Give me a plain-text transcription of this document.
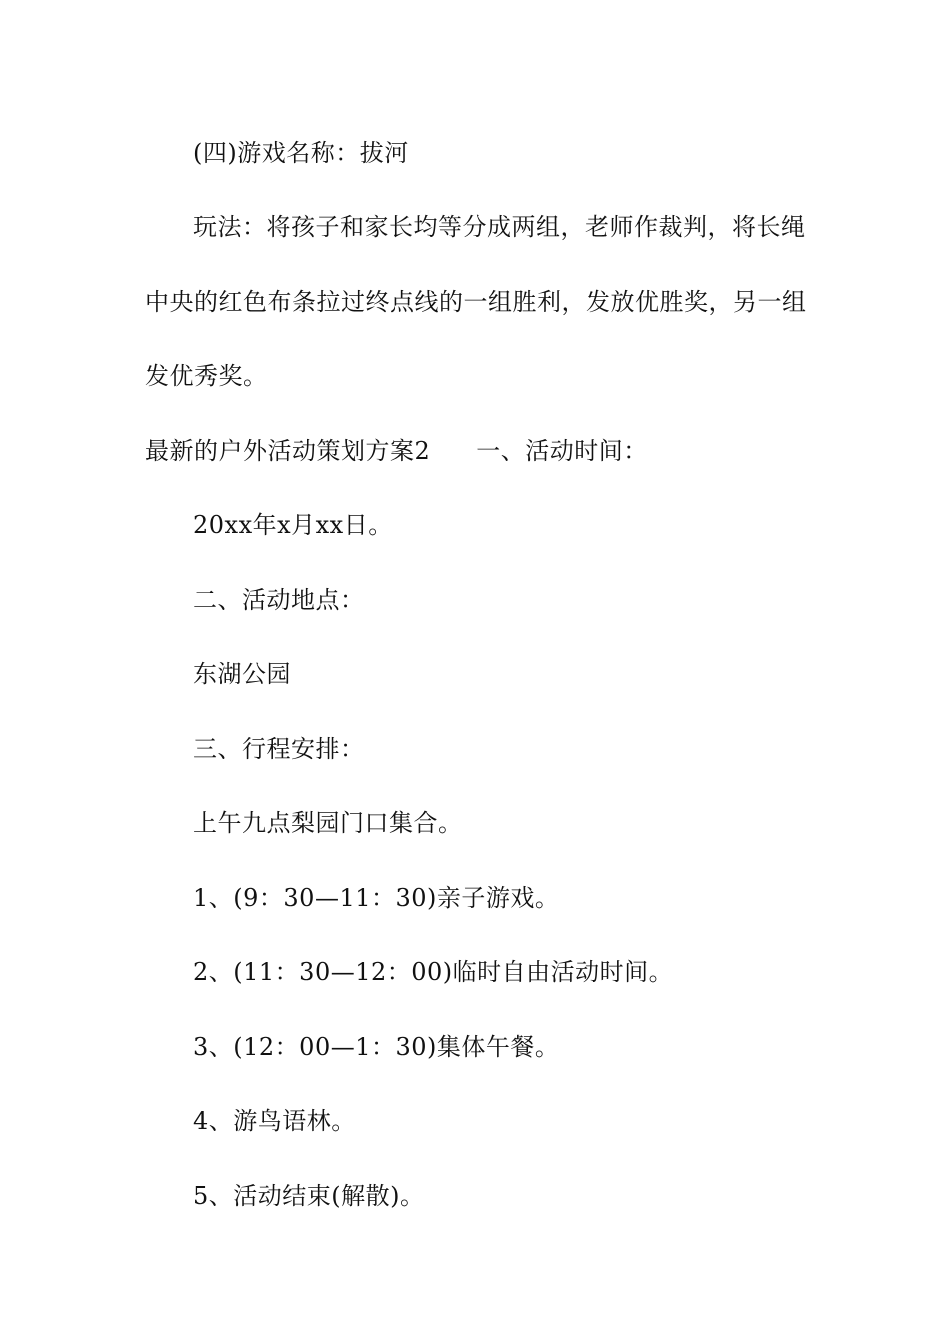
(四)游戏名称：拔河
玩法：将孩子和家长均等分成两组，老师作裁判，将长绳
中央的红色布条拉过终点线的一组胜利，发放优胜奖，另一组
发优秀奖。
最新的户外活动策划方案2 一、活动时间：
20xx年x月xx日。
二、活动地点：
东湖公园
三、行程安排：
上午九点梨园门口集合。
1、(9：30—11：30)亲子游戏。
2、(11：30—12：00)临时自由活动时间。
3、(12：00—1：30)集体午餐。
4、游鸟语林。
5、活动结束(解散)。
